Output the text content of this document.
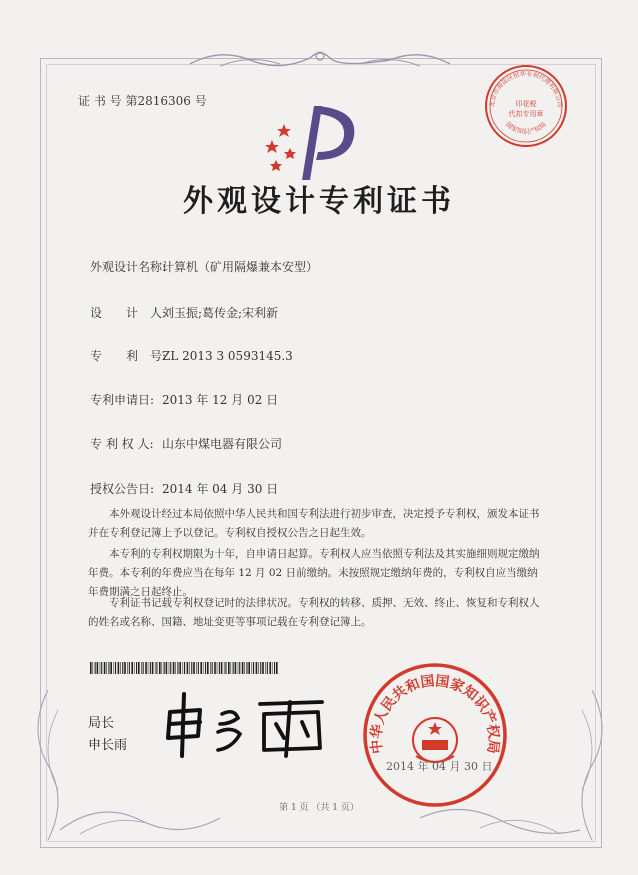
证 书 号 第2816306 号	北京市海淀区恒华专利代理有限公司
印花税
代扣专用章
国家知识产权局
外观设计专利证书
外观设计名称:计算机（矿用隔爆兼本安型）
设　　计　人:刘玉振;葛传金;宋利新
专　　利　号:ZL 2013 3 0593145.3
专利申请日: 2013 年 12 月 02 日
专 利 权 人: 山东中煤电器有限公司
授权公告日: 2014 年 04 月 30 日

本外观设计经过本局依照中华人民共和国专利法进行初步审查，决定授予专利权，颁发本证书并在专利登记簿上予以登记。专利权自授权公告之日起生效。

本专利的专利权期限为十年，自申请日起算。专利权人应当依照专利法及其实施细则规定缴纳年费。本专利的年费应当在每年 12 月 02 日前缴纳。未按照规定缴纳年费的，专利权自应当缴纳年费期满之日起终止。

专利证书记载专利权登记时的法律状况。专利权的转移、质押、无效、终止、恢复和专利权人的姓名或名称、国籍、地址变更等事项记载在专利登记簿上。

局长
申长雨	中华人民共和国国家知识产权局
2014 年 04 月 30 日
第 1 页 （共 1 页）
